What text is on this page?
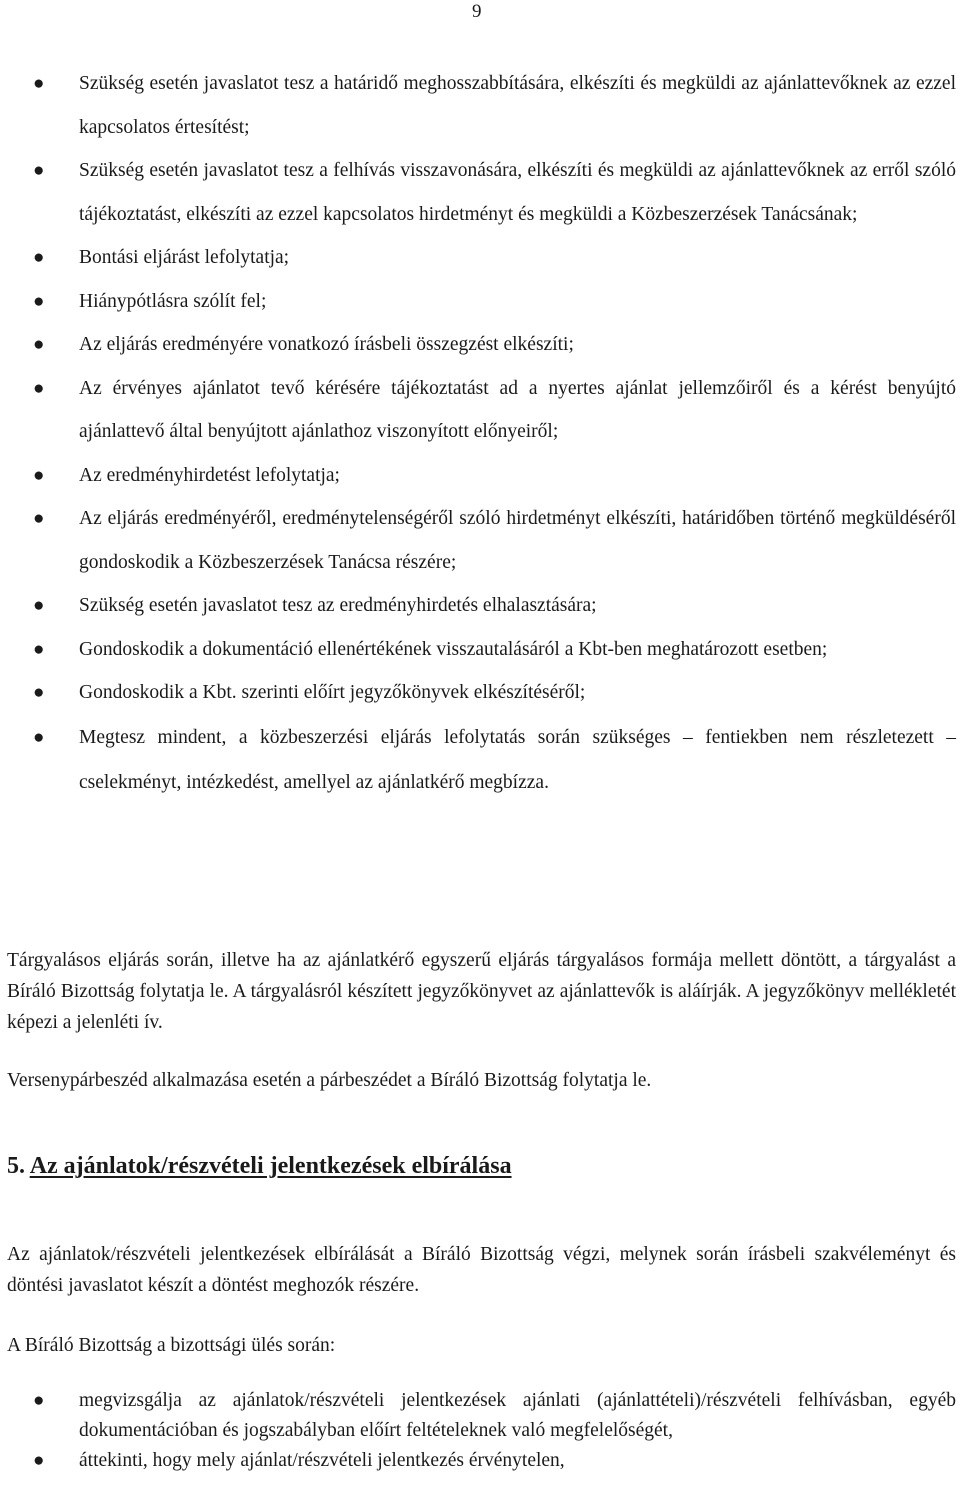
9
● Szükség esetén javaslatot tesz a határidő meghosszabbítására, elkészíti és megküldi az ajánlattevőknek az ezzel kapcsolatos értesítést;
● Szükség esetén javaslatot tesz a felhívás visszavonására, elkészíti és megküldi az ajánlattevőknek az erről szóló tájékoztatást, elkészíti az ezzel kapcsolatos hirdetményt és megküldi a Közbeszerzések Tanácsának;
● Bontási eljárást lefolytatja;
● Hiánypótlásra szólít fel;
● Az eljárás eredményére vonatkozó írásbeli összegzést elkészíti;
● Az érvényes ajánlatot tevő kérésére tájékoztatást ad a nyertes ajánlat jellemzőiről és a kérést benyújtó ajánlattevő által benyújtott ajánlathoz viszonyított előnyeiről;
● Az eredményhirdetést lefolytatja;
● Az eljárás eredményéről, eredménytelenségéről szóló hirdetményt elkészíti, határidőben történő megküldéséről gondoskodik a Közbeszerzések Tanácsa részére;
● Szükség esetén javaslatot tesz az eredményhirdetés elhalasztására;
● Gondoskodik a dokumentáció ellenértékének visszautalásáról a Kbt-ben meghatározott esetben;
● Gondoskodik a Kbt. szerinti előírt jegyzőkönyvek elkészítéséről;
● Megtesz mindent, a közbeszerzési eljárás lefolytatás során szükséges – fentiekben nem részletezett – cselekményt, intézkedést, amellyel az ajánlatkérő megbízza.

Tárgyalásos eljárás során, illetve ha az ajánlatkérő egyszerű eljárás tárgyalásos formája mellett döntött, a tárgyalást a Bíráló Bizottság folytatja le. A tárgyalásról készített jegyzőkönyvet az ajánlattevők is aláírják. A jegyzőkönyv mellékletét képezi a jelenléti ív.

Versenypárbeszéd alkalmazása esetén a párbeszédet a Bíráló Bizottság folytatja le.

5. Az ajánlatok/részvételi jelentkezések elbírálása

Az ajánlatok/részvételi jelentkezések elbírálását a Bíráló Bizottság végzi, melynek során írásbeli szakvéleményt és döntési javaslatot készít a döntést meghozók részére.

A Bíráló Bizottság a bizottsági ülés során:

● megvizsgálja az ajánlatok/részvételi jelentkezések ajánlati (ajánlattételi)/részvételi felhívásban, egyéb dokumentációban és jogszabályban előírt feltételeknek való megfelelőségét,
● áttekinti, hogy mely ajánlat/részvételi jelentkezés érvénytelen,
